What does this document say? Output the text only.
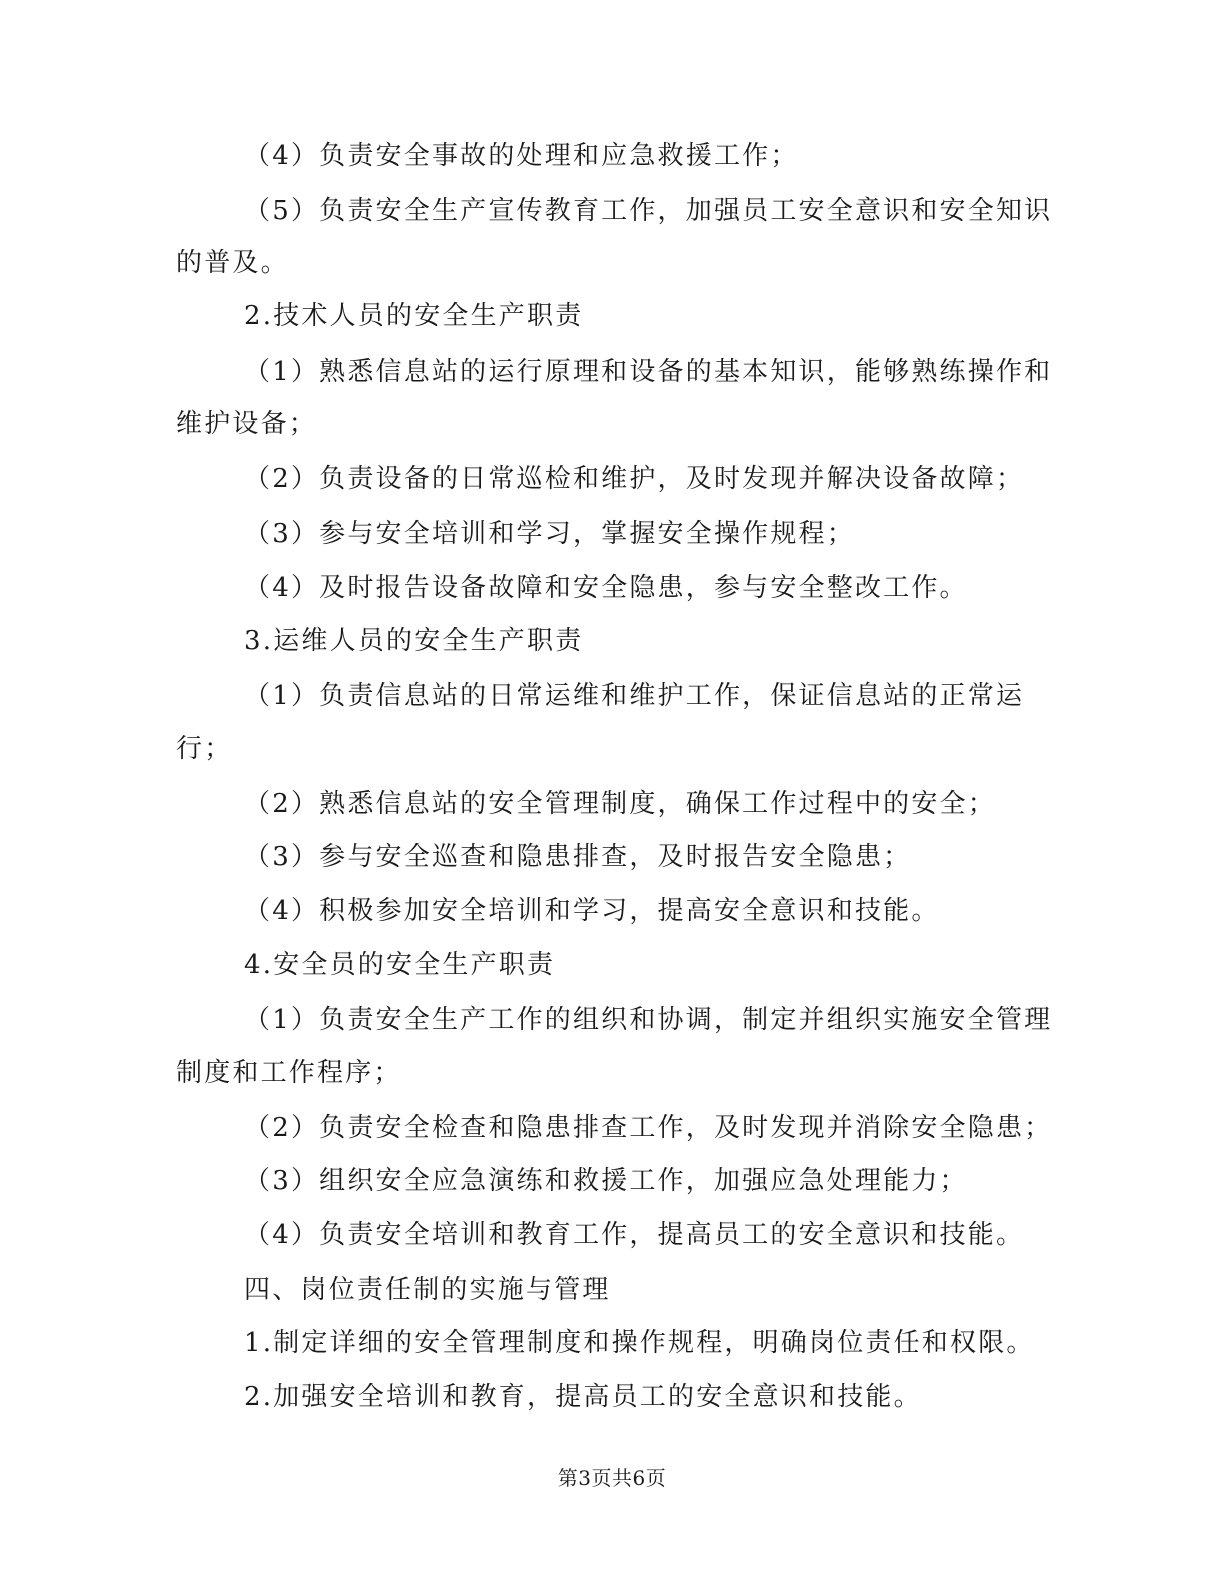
（4）负责安全事故的处理和应急救援工作；
（5）负责安全生产宣传教育工作，加强员工安全意识和安全知识
的普及。
2.技术人员的安全生产职责
（1）熟悉信息站的运行原理和设备的基本知识，能够熟练操作和
维护设备；
（2）负责设备的日常巡检和维护，及时发现并解决设备故障；
（3）参与安全培训和学习，掌握安全操作规程；
（4）及时报告设备故障和安全隐患，参与安全整改工作。
3.运维人员的安全生产职责
（1）负责信息站的日常运维和维护工作，保证信息站的正常运
行；
（2）熟悉信息站的安全管理制度，确保工作过程中的安全；
（3）参与安全巡查和隐患排查，及时报告安全隐患；
（4）积极参加安全培训和学习，提高安全意识和技能。
4.安全员的安全生产职责
（1）负责安全生产工作的组织和协调，制定并组织实施安全管理
制度和工作程序；
（2）负责安全检查和隐患排查工作，及时发现并消除安全隐患；
（3）组织安全应急演练和救援工作，加强应急处理能力；
（4）负责安全培训和教育工作，提高员工的安全意识和技能。
四、岗位责任制的实施与管理
1.制定详细的安全管理制度和操作规程，明确岗位责任和权限。
2.加强安全培训和教育，提高员工的安全意识和技能。
第3页共6页
